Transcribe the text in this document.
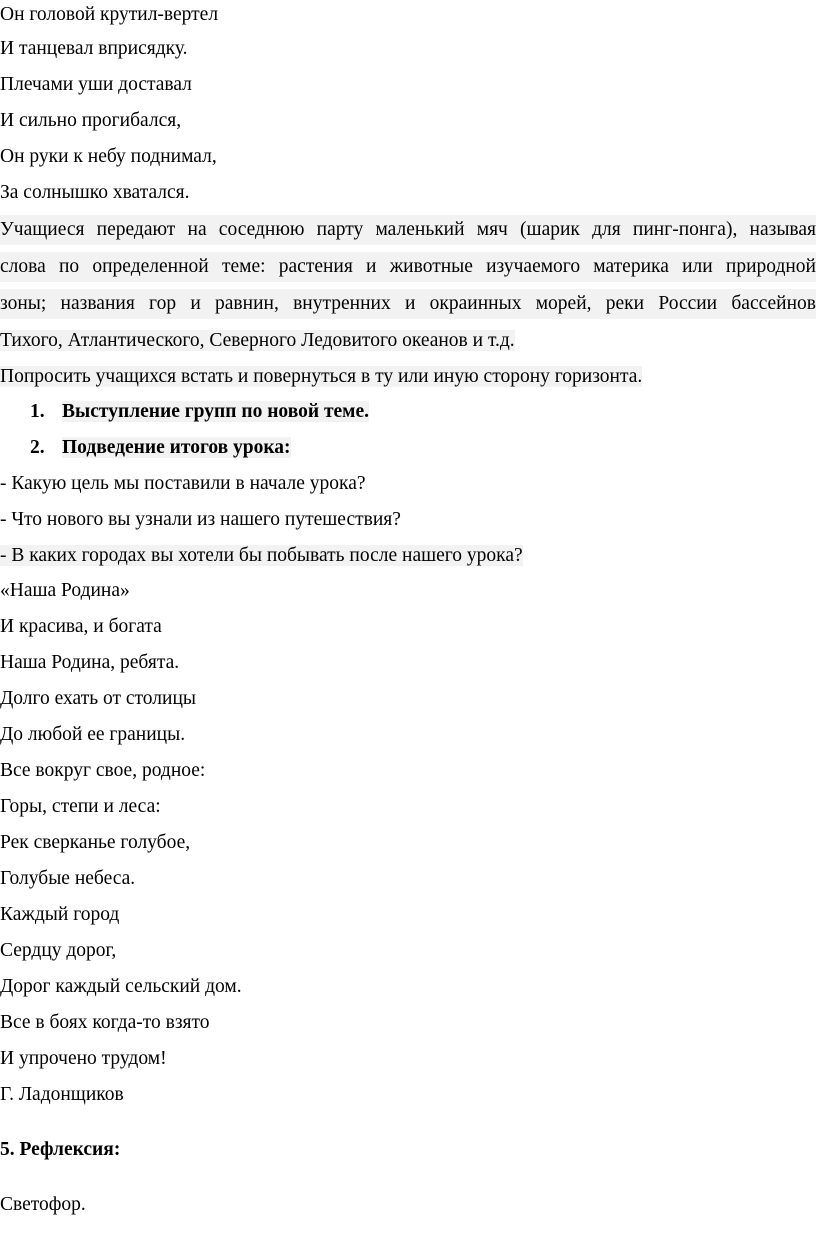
Он головой крутил-вертел
И танцевал вприсядку.
Плечами уши доставал
И сильно прогибался,
Он руки к небу поднимал,
За солнышко хватался.
Учащиеся передают на соседнюю парту маленький мяч (шарик для пинг-понга), называя
слова по определенной теме: растения и животные изучаемого материка или природной
зоны; названия гор и равнин, внутренних и окраинных морей, реки России бассейнов
Тихого, Атлантического, Северного Ледовитого океанов и т.д.
Попросить учащихся встать и повернуться в ту или иную сторону горизонта.
1. Выступление групп по новой теме.
2. Подведение итогов урока:
- Какую цель мы поставили в начале урока?
- Что нового вы узнали из нашего путешествия?
- В каких городах вы хотели бы побывать после нашего урока?
«Наша Родина»
И красива, и богата
Наша Родина, ребята.
Долго ехать от столицы
До любой ее границы.
Все вокруг свое, родное:
Горы, степи и леса:
Рек сверканье голубое,
Голубые небеса.
Каждый город
Сердцу дорог,
Дорог каждый сельский дом.
Все в боях когда-то взято
И упрочено трудом!
Г. Ладонщиков
5. Рефлексия:
Светофор.
